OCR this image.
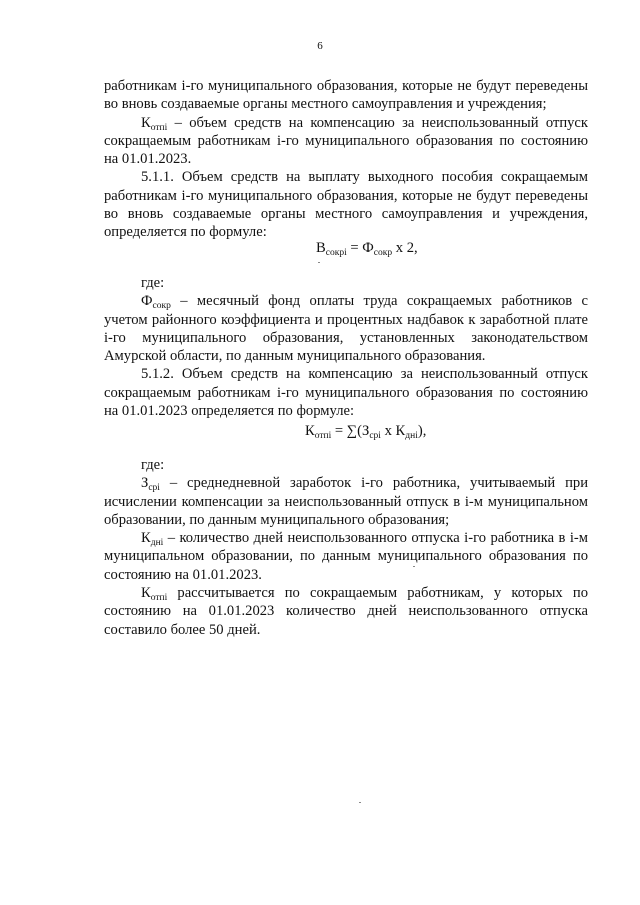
6

работникам i-го муниципального образования, которые не будут переведены во вновь создаваемые органы местного самоуправления и учреждения;

$К_{отпi}$ – объем средств на компенсацию за неиспользованный отпуск сокращаемым работникам i-го муниципального образования по состоянию на 01.01.2023.

5.1.1. Объем средств на выплату выходного пособия сокращаемым работникам i-го муниципального образования, которые не будут переведены во вновь создаваемые органы местного самоуправления и учреждения, определяется по формуле:

$В_{сокрi} = Ф_{сокр}$ х 2,

где:

$Ф_{сокр}$ – месячный фонд оплаты труда сокращаемых работников с учетом районного коэффициента и процентных надбавок к заработной плате i-го муниципального образования, установленных законодательством Амурской области, по данным муниципального образования.

5.1.2. Объем средств на компенсацию за неиспользованный отпуск сокращаемым работникам i-го муниципального образования по состоянию на 01.01.2023 определяется по формуле:

$К_{отпi} = \sum(З_{срi}$ х $К_{днi}$),

где:

$З_{срi}$ – среднедневной заработок i-го работника, учитываемый при исчислении компенсации за неиспользованный отпуск в i-м муниципальном образовании, по данным муниципального образования;

$К_{днi}$ – количество дней неиспользованного отпуска i-го работника в i-м муниципальном образовании, по данным муниципального образования по состоянию на 01.01.2023.

$К_{отпi}$ рассчитывается по сокращаемым работникам, у которых по состоянию на 01.01.2023 количество дней неиспользованного отпуска составило более 50 дней.
